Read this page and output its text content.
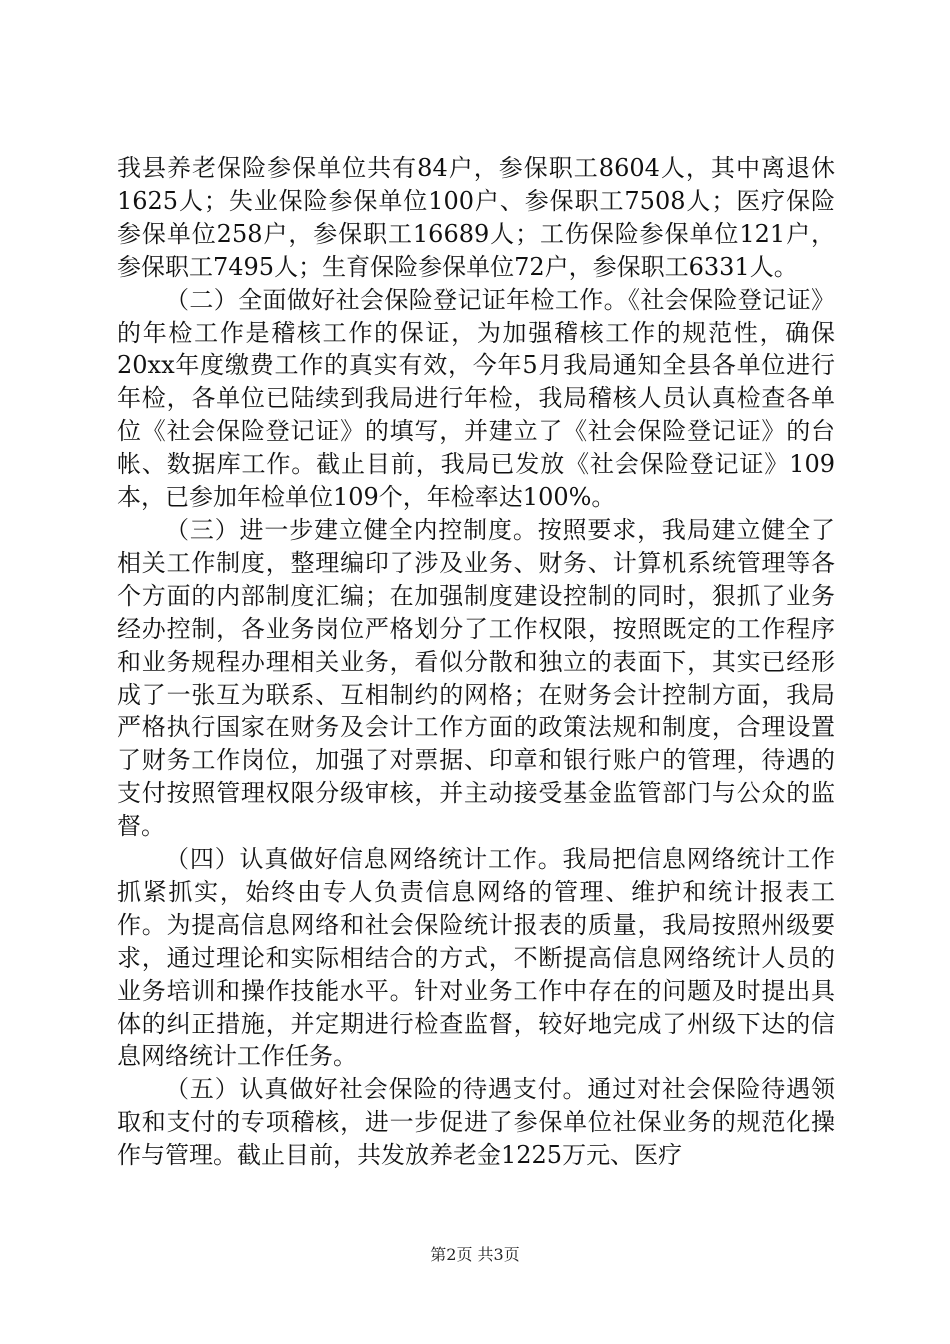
我县养老保险参保单位共有84户，参保职工8604人，其中离退休1625人；失业保险参保单位100户、参保职工7508人；医疗保险参保单位258户，参保职工16689人；工伤保险参保单位121户，参保职工7495人；生育保险参保单位72户，参保职工6331人。

（二）全面做好社会保险登记证年检工作。《社会保险登记证》的年检工作是稽核工作的保证，为加强稽核工作的规范性，确保20xx年度缴费工作的真实有效，今年5月我局通知全县各单位进行年检，各单位已陆续到我局进行年检，我局稽核人员认真检查各单位《社会保险登记证》的填写，并建立了《社会保险登记证》的台帐、数据库工作。截止目前，我局已发放《社会保险登记证》109本，已参加年检单位109个，年检率达100%。

（三）进一步建立健全内控制度。按照要求，我局建立健全了相关工作制度，整理编印了涉及业务、财务、计算机系统管理等各个方面的内部制度汇编；在加强制度建设控制的同时，狠抓了业务经办控制，各业务岗位严格划分了工作权限，按照既定的工作程序和业务规程办理相关业务，看似分散和独立的表面下，其实已经形成了一张互为联系、互相制约的网格；在财务会计控制方面，我局严格执行国家在财务及会计工作方面的政策法规和制度，合理设置了财务工作岗位，加强了对票据、印章和银行账户的管理，待遇的支付按照管理权限分级审核，并主动接受基金监管部门与公众的监督。

（四）认真做好信息网络统计工作。我局把信息网络统计工作抓紧抓实，始终由专人负责信息网络的管理、维护和统计报表工作。为提高信息网络和社会保险统计报表的质量，我局按照州级要求，通过理论和实际相结合的方式，不断提高信息网络统计人员的业务培训和操作技能水平。针对业务工作中存在的问题及时提出具体的纠正措施，并定期进行检查监督，较好地完成了州级下达的信息网络统计工作任务。

（五）认真做好社会保险的待遇支付。通过对社会保险待遇领取和支付的专项稽核，进一步促进了参保单位社保业务的规范化操作与管理。截止目前，共发放养老金1225万元、医疗

第2页 共3页
